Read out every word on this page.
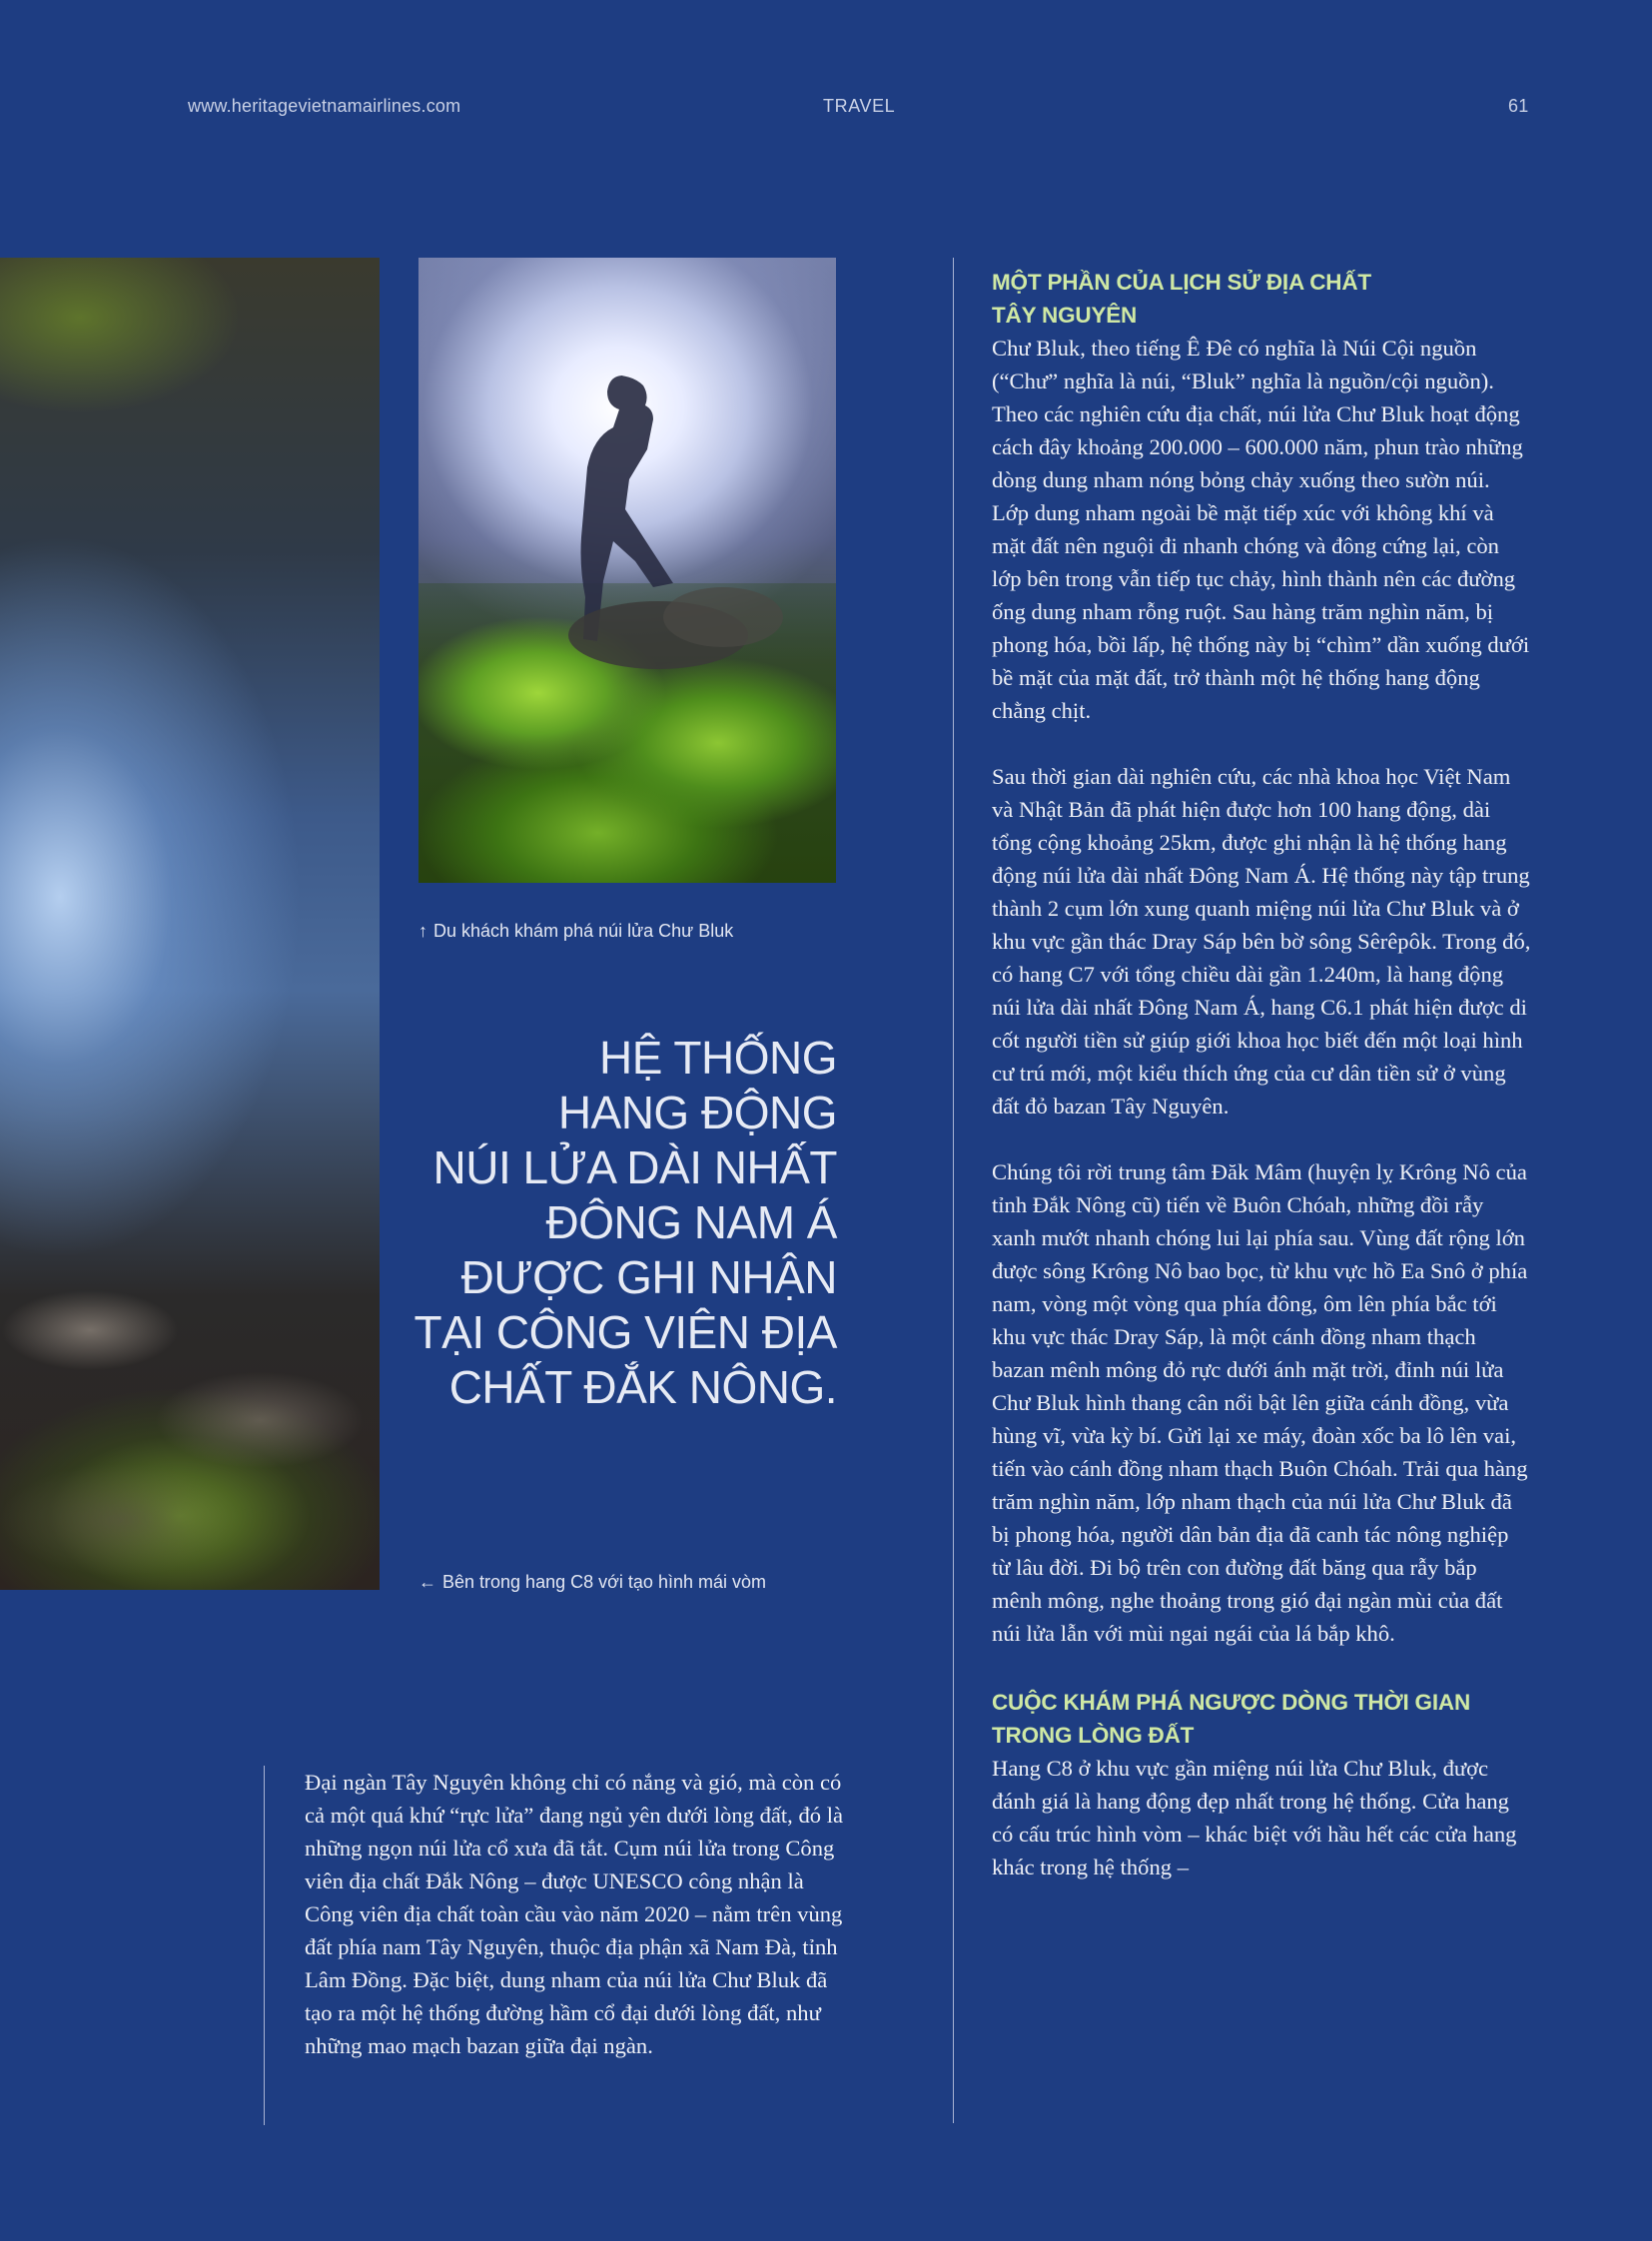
www.heritagevietnamairlines.com	TRAVEL	61
↑ Du khách khám phá núi lửa Chư Bluk
HỆ THỐNG
HANG ĐỘNG
NÚI LỬA DÀI NHẤT
ĐÔNG NAM Á
ĐƯỢC GHI NHẬN
TẠI CÔNG VIÊN ĐỊA
CHẤT ĐẮK NÔNG.
← Bên trong hang C8 với tạo hình mái vòm
Đại ngàn Tây Nguyên không chỉ có nắng và gió, mà còn có cả một quá khứ “rực lửa” đang ngủ yên dưới lòng đất, đó là những ngọn núi lửa cổ xưa đã tắt. Cụm núi lửa trong Công viên địa chất Đắk Nông – được UNESCO công nhận là Công viên địa chất toàn cầu vào năm 2020 – nằm trên vùng đất phía nam Tây Nguyên, thuộc địa phận xã Nam Đà, tỉnh Lâm Đồng. Đặc biệt, dung nham của núi lửa Chư Bluk đã tạo ra một hệ thống đường hầm cổ đại dưới lòng đất, như những mao mạch bazan giữa đại ngàn.
MỘT PHẦN CỦA LỊCH SỬ ĐỊA CHẤT
TÂY NGUYÊN

Chư Bluk, theo tiếng Ê Đê có nghĩa là Núi Cội nguồn (“Chư” nghĩa là núi, “Bluk” nghĩa là nguồn/cội nguồn). Theo các nghiên cứu địa chất, núi lửa Chư Bluk hoạt động cách đây khoảng 200.000 – 600.000 năm, phun trào những dòng dung nham nóng bỏng chảy xuống theo sườn núi. Lớp dung nham ngoài bề mặt tiếp xúc với không khí và mặt đất nên nguội đi nhanh chóng và đông cứng lại, còn lớp bên trong vẫn tiếp tục chảy, hình thành nên các đường ống dung nham rỗng ruột. Sau hàng trăm nghìn năm, bị phong hóa, bồi lấp, hệ thống này bị “chìm” dần xuống dưới bề mặt của mặt đất, trở thành một hệ thống hang động chằng chịt.

Sau thời gian dài nghiên cứu, các nhà khoa học Việt Nam và Nhật Bản đã phát hiện được hơn 100 hang động, dài tổng cộng khoảng 25km, được ghi nhận là hệ thống hang động núi lửa dài nhất Đông Nam Á. Hệ thống này tập trung thành 2 cụm lớn xung quanh miệng núi lửa Chư Bluk và ở khu vực gần thác Dray Sáp bên bờ sông Sêrêpôk. Trong đó, có hang C7 với tổng chiều dài gần 1.240m, là hang động núi lửa dài nhất Đông Nam Á, hang C6.1 phát hiện được di cốt người tiền sử giúp giới khoa học biết đến một loại hình cư trú mới, một kiểu thích ứng của cư dân tiền sử ở vùng đất đỏ bazan Tây Nguyên.

Chúng tôi rời trung tâm Đăk Mâm (huyện lỵ Krông Nô của tỉnh Đắk Nông cũ) tiến về Buôn Chóah, những đồi rẫy xanh mướt nhanh chóng lui lại phía sau. Vùng đất rộng lớn được sông Krông Nô bao bọc, từ khu vực hồ Ea Snô ở phía nam, vòng một vòng qua phía đông, ôm lên phía bắc tới khu vực thác Dray Sáp, là một cánh đồng nham thạch bazan mênh mông đỏ rực dưới ánh mặt trời, đỉnh núi lửa Chư Bluk hình thang cân nổi bật lên giữa cánh đồng, vừa hùng vĩ, vừa kỳ bí. Gửi lại xe máy, đoàn xốc ba lô lên vai, tiến vào cánh đồng nham thạch Buôn Chóah. Trải qua hàng trăm nghìn năm, lớp nham thạch của núi lửa Chư Bluk đã bị phong hóa, người dân bản địa đã canh tác nông nghiệp từ lâu đời. Đi bộ trên con đường đất băng qua rẫy bắp mênh mông, nghe thoảng trong gió đại ngàn mùi của đất núi lửa lẫn với mùi ngai ngái của lá bắp khô.

CUỘC KHÁM PHÁ NGƯỢC DÒNG THỜI GIAN
TRONG LÒNG ĐẤT

Hang C8 ở khu vực gần miệng núi lửa Chư Bluk, được đánh giá là hang động đẹp nhất trong hệ thống. Cửa hang có cấu trúc hình vòm – khác biệt với hầu hết các cửa hang khác trong hệ thống –
